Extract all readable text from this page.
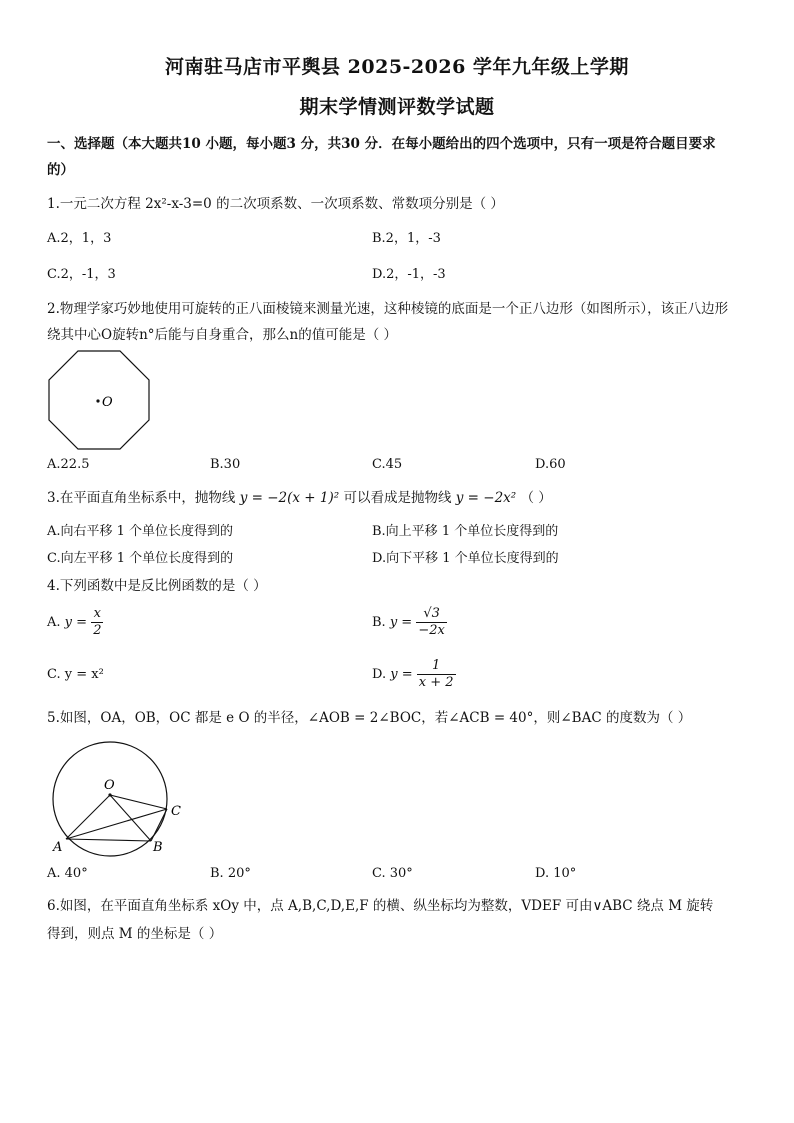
河南驻马店市平舆县 2025-2026 学年九年级上学期
期末学情测评数学试题
一、选择题（本大题共10 小题，每小题3 分，共30 分．在每小题给出的四个选项中，只有一项是符合题目要求
的）
1.一元二次方程 2x²-x-3=0 的二次项系数、一次项系数、常数项分别是（ ）
A.2，1，3	B.2，1，-3
C.2，-1，3	D.2，-1，-3
2.物理学家巧妙地使用可旋转的正八面棱镜来测量光速，这种棱镜的底面是一个正八边形（如图所示），该正八边形
绕其中心O旋转n°后能与自身重合，那么n的值可能是（ ）
O
A.22.5	B.30	C.45	D.60
3.在平面直角坐标系中，抛物线 y = −2(x + 1)² 可以看成是抛物线 y = −2x² （ ）
A.向右平移 1 个单位长度得到的	B.向上平移 1 个单位长度得到的
C.向左平移 1 个单位长度得到的	D.向下平移 1 个单位长度得到的
4.下列函数中是反比例函数的是（ ）
A. $y = \frac{x}{2}$	B. $y = \frac{√3}{-2x}$
C. y = x²	D. $y = \frac{1}{x + 2}$
5.如图，OA，OB，OC 都是 e O 的半径，∠AOB = 2∠BOC，若∠ACB = 40°，则∠BAC 的度数为（ ）
O
A	B
C
A. 40°	B. 20°	C. 30°	D. 10°
6.如图，在平面直角坐标系 xOy 中，点 A,B,C,D,E,F 的横、纵坐标均为整数，VDEF 可由∨ABC 绕点 M 旋转
得到，则点 M 的坐标是（ ）
